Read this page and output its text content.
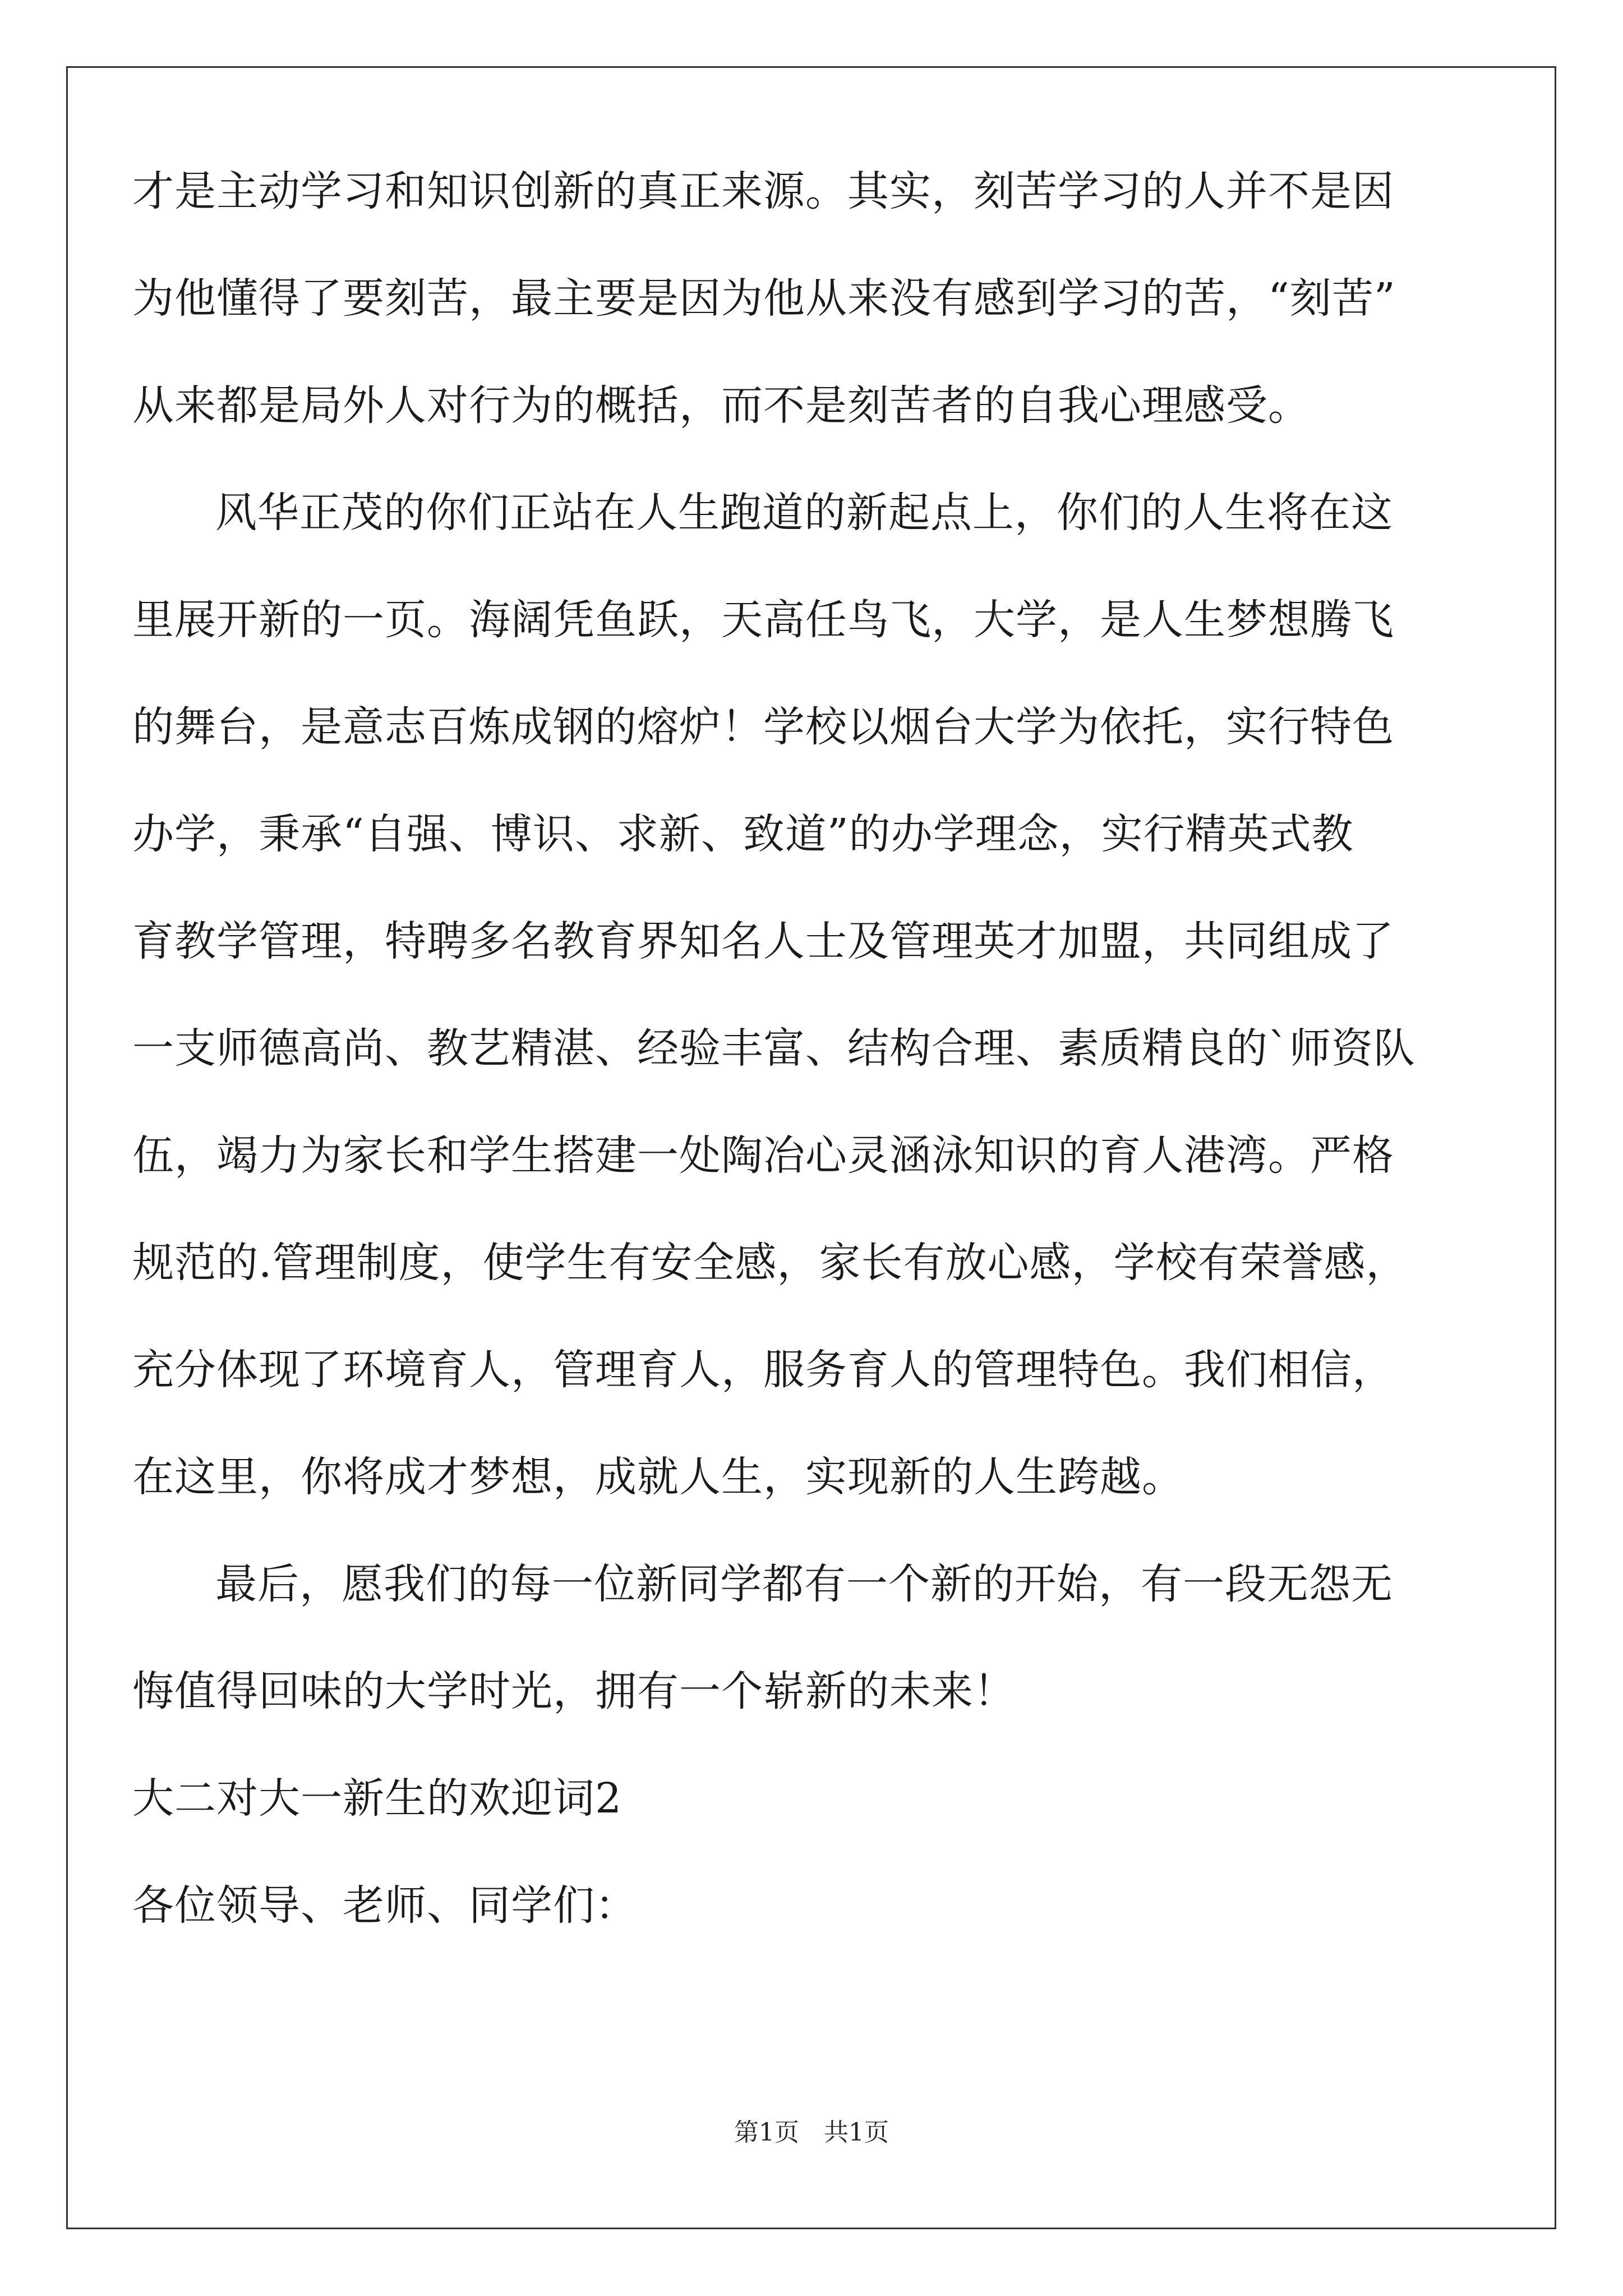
才是主动学习和知识创新的真正来源。其实，刻苦学习的人并不是因
为他懂得了要刻苦，最主要是因为他从来没有感到学习的苦，“刻苦”
从来都是局外人对行为的概括，而不是刻苦者的自我心理感受。
风华正茂的你们正站在人生跑道的新起点上，你们的人生将在这
里展开新的一页。海阔凭鱼跃，天高任鸟飞，大学，是人生梦想腾飞
的舞台，是意志百炼成钢的熔炉！学校以烟台大学为依托，实行特色
办学，秉承“自强、博识、求新、致道”的办学理念，实行精英式教
育教学管理，特聘多名教育界知名人士及管理英才加盟，共同组成了
一支师德高尚、教艺精湛、经验丰富、结构合理、素质精良的`师资队
伍，竭力为家长和学生搭建一处陶冶心灵涵泳知识的育人港湾。严格
规范的.管理制度，使学生有安全感，家长有放心感，学校有荣誉感，
充分体现了环境育人，管理育人，服务育人的管理特色。我们相信，
在这里，你将成才梦想，成就人生，实现新的人生跨越。
最后，愿我们的每一位新同学都有一个新的开始，有一段无怨无
悔值得回味的大学时光，拥有一个崭新的未来！
大二对大一新生的欢迎词2
各位领导、老师、同学们：
第1页 共1页
